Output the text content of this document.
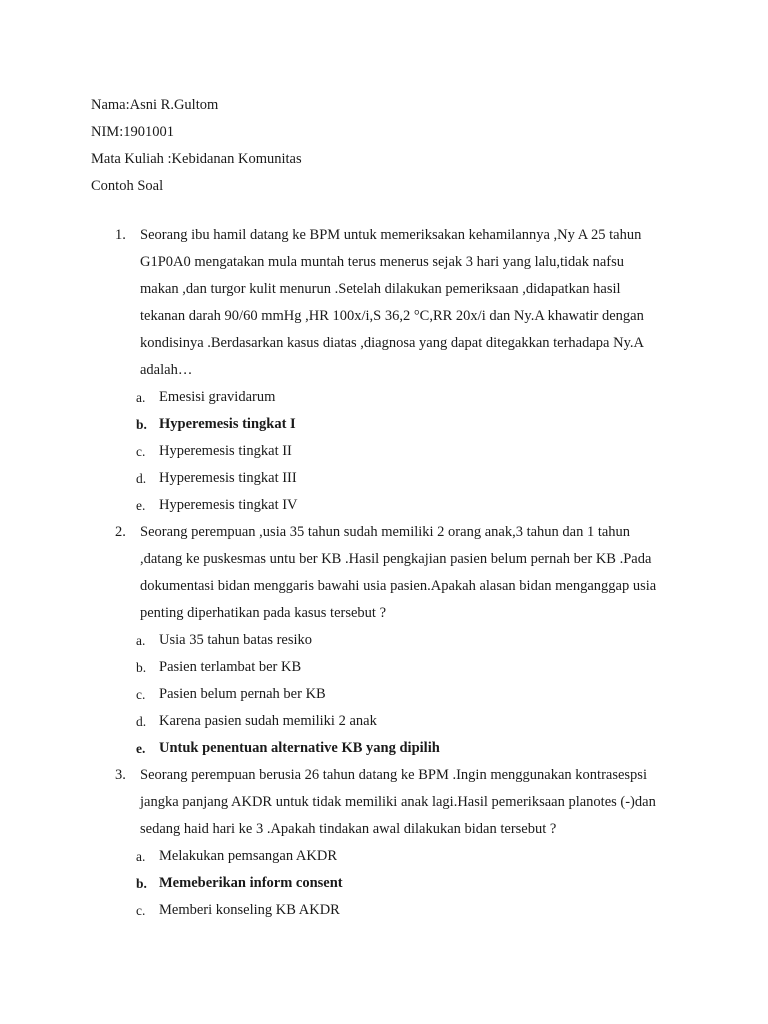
Nama:Asni R.Gultom
NIM:1901001
Mata Kuliah :Kebidanan Komunitas
Contoh Soal
1. Seorang ibu hamil datang ke BPM untuk memeriksakan kehamilannya ,Ny A 25 tahun
G1P0A0 mengatakan mula muntah terus menerus sejak 3 hari yang lalu,tidak nafsu
makan ,dan turgor kulit menurun .Setelah dilakukan pemeriksaan ,didapatkan hasil
tekanan darah 90/60 mmHg ,HR 100x/i,S 36,2 °C,RR 20x/i dan Ny.A khawatir dengan
kondisinya .Berdasarkan kasus diatas ,diagnosa yang dapat ditegakkan terhadapa Ny.A
adalah…
a. Emesisi gravidarum
b. Hyperemesis tingkat I
c. Hyperemesis tingkat II
d. Hyperemesis tingkat III
e. Hyperemesis tingkat IV
2. Seorang perempuan ,usia 35 tahun sudah memiliki 2 orang anak,3 tahun dan 1 tahun
,datang ke puskesmas untu ber KB .Hasil pengkajian pasien belum pernah ber KB .Pada
dokumentasi bidan menggaris bawahi usia pasien.Apakah alasan bidan menganggap usia
penting diperhatikan pada kasus tersebut ?
a. Usia 35 tahun batas resiko
b. Pasien terlambat ber KB
c. Pasien belum pernah ber KB
d. Karena pasien sudah memiliki 2 anak
e. Untuk penentuan alternative KB yang dipilih
3. Seorang perempuan berusia 26 tahun datang ke BPM .Ingin menggunakan kontrasespsi
jangka panjang AKDR untuk tidak memiliki anak lagi.Hasil pemeriksaan planotes (-)dan
sedang haid hari ke 3 .Apakah tindakan awal dilakukan bidan tersebut ?
a. Melakukan pemsangan AKDR
b. Memeberikan inform consent
c. Memberi konseling KB AKDR
